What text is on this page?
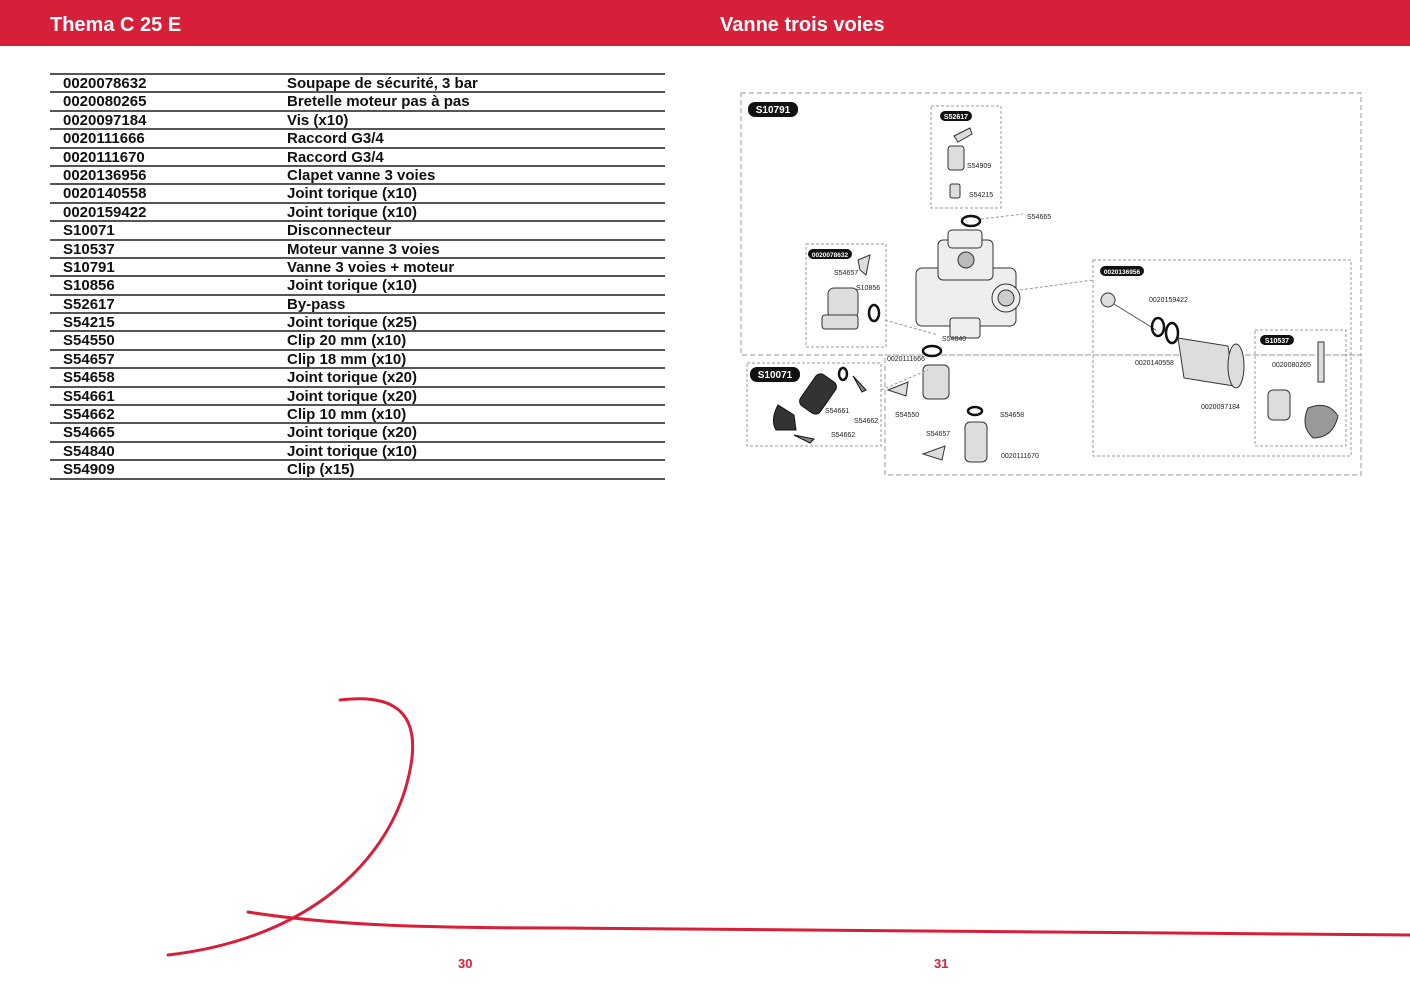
Thema C 25 E	Vanne trois voies
0020078632	Soupape de sécurité, 3 bar
0020080265	Bretelle moteur pas à pas
0020097184	Vis (x10)
0020111666	Raccord G3/4
0020111670	Raccord G3/4
0020136956	Clapet vanne 3 voies
0020140558	Joint torique (x10)
0020159422	Joint torique (x10)
S10071	Disconnecteur
S10537	Moteur vanne 3 voies
S10791	Vanne 3 voies + moteur
S10856	Joint torique (x10)
S52617	By-pass
S54215	Joint torique (x25)
S54550	Clip 20 mm (x10)
S54657	Clip 18 mm (x10)
S54658	Joint torique (x20)
S54661	Joint torique (x20)
S54662	Clip 10 mm (x10)
S54665	Joint torique (x20)
S54840	Joint torique (x10)
S54909	Clip (x15)
S10791
S52617
0020078632
0020136956
S10537
S10071
S54909
S54215
S54665
S54657
S10856
S54840
0020111666
0020159422
0020140558	0020080265
0020097184
S54661
S54662
S54662
S54550	S54658
S54657
0020111670
30	31
